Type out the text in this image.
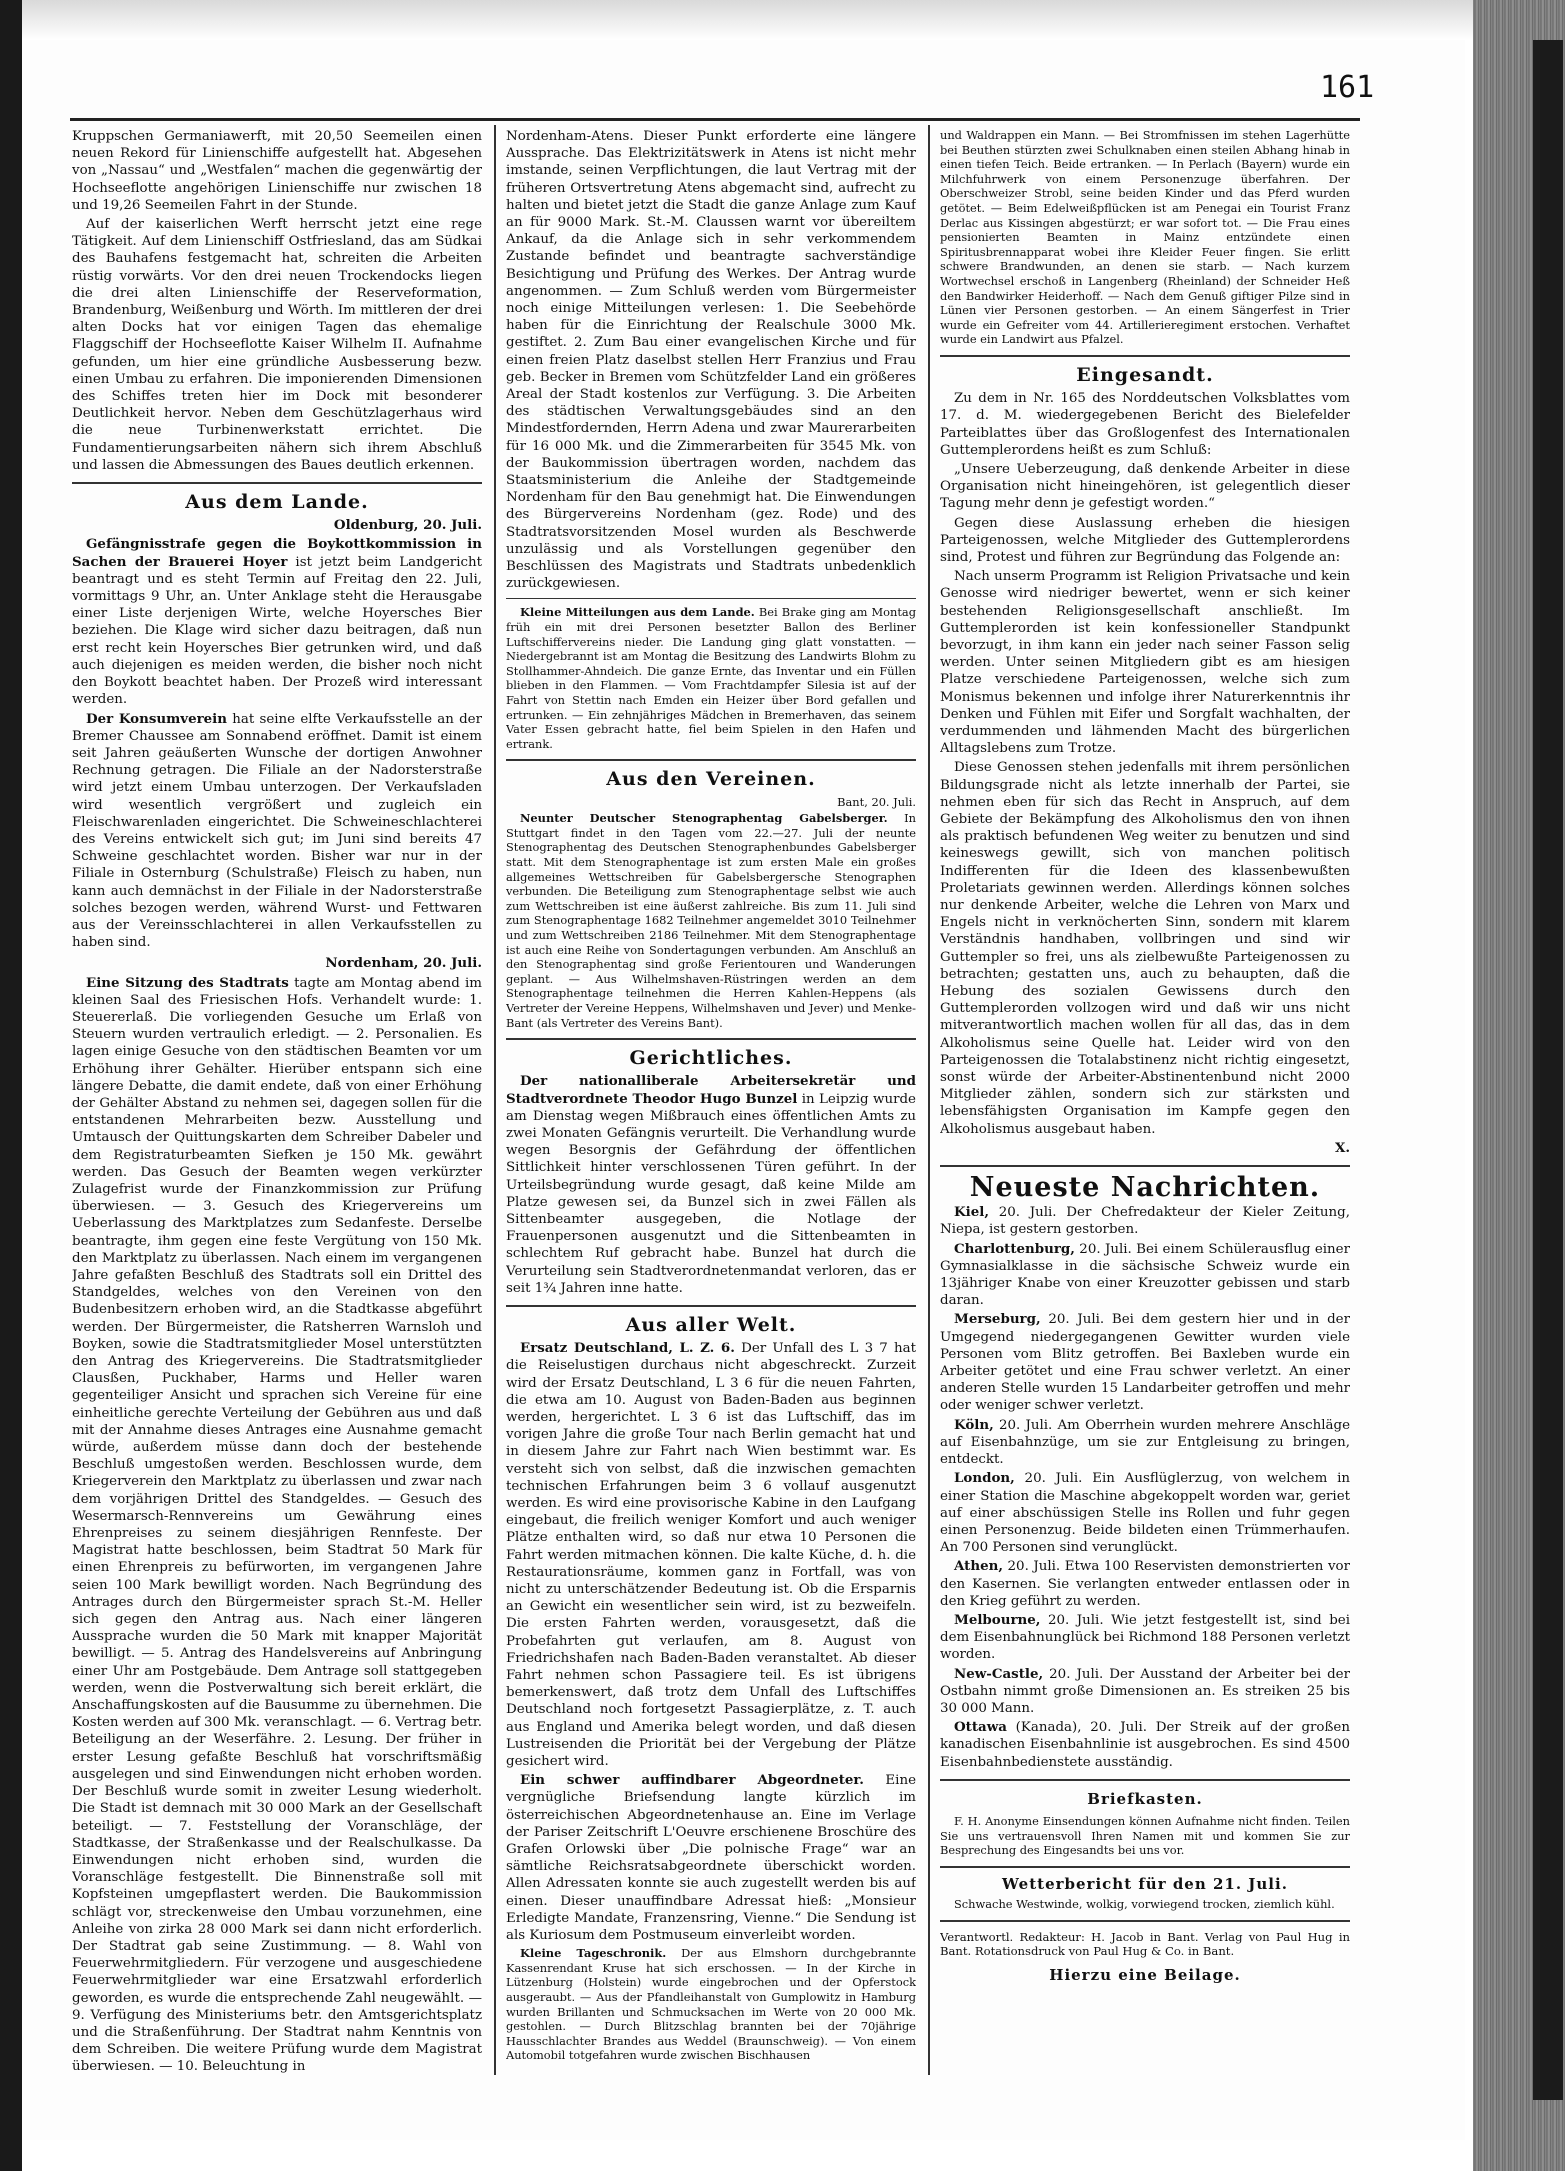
161

Kruppschen Germaniawerft, mit 20,50 Seemeilen einen neuen Rekord für Linienschiffe aufgestellt hat. Abgesehen von „Nassau“ und „Westfalen“ machen die gegenwärtig der Hochseeflotte angehörigen Linienschiffe nur zwischen 18 und 19,26 Seemeilen Fahrt in der Stunde.

Auf der kaiserlichen Werft herrscht jetzt eine rege Tätigkeit. Auf dem Linienschiff Ostfriesland, das am Südkai des Bauhafens festgemacht hat, schreiten die Arbeiten rüstig vorwärts. Vor den drei neuen Trockendocks liegen die drei alten Linienschiffe der Reserveformation, Brandenburg, Weißenburg und Wörth. Im mittleren der drei alten Docks hat vor einigen Tagen das ehemalige Flaggschiff der Hochseeflotte Kaiser Wilhelm II. Aufnahme gefunden, um hier eine gründliche Ausbesserung bezw. einen Umbau zu erfahren. Die imponierenden Dimensionen des Schiffes treten hier im Dock mit besonderer Deutlichkeit hervor. Neben dem Geschützlagerhaus wird die neue Turbinenwerkstatt errichtet. Die Fundamentierungsarbeiten nähern sich ihrem Abschluß und lassen die Abmessungen des Baues deutlich erkennen.

Aus dem Lande.
Oldenburg, 20. Juli.

Gefängnisstrafe gegen die Boykottkommission in Sachen der Brauerei Hoyer ist jetzt beim Landgericht beantragt und es steht Termin auf Freitag den 22. Juli, vormittags 9 Uhr, an. Unter Anklage steht die Herausgabe einer Liste derjenigen Wirte, welche Hoyersches Bier beziehen. Die Klage wird sicher dazu beitragen, daß nun erst recht kein Hoyersches Bier getrunken wird, und daß auch diejenigen es meiden werden, die bisher noch nicht den Boykott beachtet haben. Der Prozeß wird interessant werden.

Der Konsumverein hat seine elfte Verkaufsstelle an der Bremer Chaussee am Sonnabend eröffnet. Damit ist einem seit Jahren geäußerten Wunsche der dortigen Anwohner Rechnung getragen. Die Filiale an der Nadorsterstraße wird jetzt einem Umbau unterzogen. Der Verkaufsladen wird wesentlich vergrößert und zugleich ein Fleischwarenladen eingerichtet. Die Schweineschlachterei des Vereins entwickelt sich gut; im Juni sind bereits 47 Schweine geschlachtet worden. Bisher war nur in der Filiale in Osternburg (Schulstraße) Fleisch zu haben, nun kann auch demnächst in der Filiale in der Nadorsterstraße solches bezogen werden, während Wurst- und Fettwaren aus der Vereinsschlachterei in allen Verkaufsstellen zu haben sind.

Nordenham, 20. Juli.

Eine Sitzung des Stadtrats tagte am Montag abend im kleinen Saal des Friesischen Hofs. Verhandelt wurde: 1. Steuererlaß. Die vorliegenden Gesuche um Erlaß von Steuern wurden vertraulich erledigt. — 2. Personalien. Es lagen einige Gesuche von den städtischen Beamten vor um Erhöhung ihrer Gehälter. Hierüber entspann sich eine längere Debatte, die damit endete, daß von einer Erhöhung der Gehälter Abstand zu nehmen sei, dagegen sollen für die entstandenen Mehrarbeiten bezw. Ausstellung und Umtausch der Quittungskarten dem Schreiber Dabeler und dem Registraturbeamten Siefken je 150 Mk. gewährt werden. Das Gesuch der Beamten wegen verkürzter Zulagefrist wurde der Finanzkommission zur Prüfung überwiesen. — 3. Gesuch des Kriegervereins um Ueberlassung des Marktplatzes zum Sedanfeste. Derselbe beantragte, ihm gegen eine feste Vergütung von 150 Mk. den Marktplatz zu überlassen. Nach einem im vergangenen Jahre gefaßten Beschluß des Stadtrats soll ein Drittel des Standgeldes, welches von den Vereinen von den Budenbesitzern erhoben wird, an die Stadtkasse abgeführt werden. Der Bürgermeister, die Ratsherren Warnsloh und Boyken, sowie die Stadtratsmitglieder Mosel unterstützten den Antrag des Kriegervereins. Die Stadtratsmitglieder Clausßen, Puckhaber, Harms und Heller waren gegenteiliger Ansicht und sprachen sich Vereine für eine einheitliche gerechte Verteilung der Gebühren aus und daß mit der Annahme dieses Antrages eine Ausnahme gemacht würde, außerdem müsse dann doch der bestehende Beschluß umgestoßen werden. Beschlossen wurde, dem Kriegerverein den Marktplatz zu überlassen und zwar nach dem vorjährigen Drittel des Standgeldes. — Gesuch des Wesermarsch-Rennvereins um Gewährung eines Ehrenpreises zu seinem diesjährigen Rennfeste. Der Magistrat hatte beschlossen, beim Stadtrat 50 Mark für einen Ehrenpreis zu befürworten, im vergangenen Jahre seien 100 Mark bewilligt worden. Nach Begründung des Antrages durch den Bürgermeister sprach St.-M. Heller sich gegen den Antrag aus. Nach einer längeren Aussprache wurden die 50 Mark mit knapper Majorität bewilligt. — 5. Antrag des Handelsvereins auf Anbringung einer Uhr am Postgebäude. Dem Antrage soll stattgegeben werden, wenn die Postverwaltung sich bereit erklärt, die Anschaffungskosten auf die Bausumme zu übernehmen. Die Kosten werden auf 300 Mk. veranschlagt. — 6. Vertrag betr. Beteiligung an der Weserfähre. 2. Lesung. Der früher in erster Lesung gefaßte Beschluß hat vorschriftsmäßig ausgelegen und sind Einwendungen nicht erhoben worden. Der Beschluß wurde somit in zweiter Lesung wiederholt. Die Stadt ist demnach mit 30 000 Mark an der Gesellschaft beteiligt. — 7. Feststellung der Voranschläge, der Stadtkasse, der Straßenkasse und der Realschulkasse. Da Einwendungen nicht erhoben sind, wurden die Voranschläge festgestellt. Die Binnenstraße soll mit Kopfsteinen umgepflastert werden. Die Baukommission schlägt vor, streckenweise den Umbau vorzunehmen, eine Anleihe von zirka 28 000 Mark sei dann nicht erforderlich. Der Stadtrat gab seine Zustimmung. — 8. Wahl von Feuerwehrmitgliedern. Für verzogene und ausgeschiedene Feuerwehrmitglieder war eine Ersatzwahl erforderlich geworden, es wurde die entsprechende Zahl neugewählt. — 9. Verfügung des Ministeriums betr. den Amtsgerichtsplatz und die Straßenführung. Der Stadtrat nahm Kenntnis von dem Schreiben. Die weitere Prüfung wurde dem Magistrat überwiesen. — 10. Beleuchtung in

Nordenham-Atens. Dieser Punkt erforderte eine längere Aussprache. Das Elektrizitätswerk in Atens ist nicht mehr imstande, seinen Verpflichtungen, die laut Vertrag mit der früheren Ortsvertretung Atens abgemacht sind, aufrecht zu halten und bietet jetzt die Stadt die ganze Anlage zum Kauf an für 9000 Mark. St.-M. Claussen warnt vor übereiltem Ankauf, da die Anlage sich in sehr verkommendem Zustande befindet und beantragte sachverständige Besichtigung und Prüfung des Werkes. Der Antrag wurde angenommen. — Zum Schluß werden vom Bürgermeister noch einige Mitteilungen verlesen: 1. Die Seebehörde haben für die Einrichtung der Realschule 3000 Mk. gestiftet. 2. Zum Bau einer evangelischen Kirche und für einen freien Platz daselbst stellen Herr Franzius und Frau geb. Becker in Bremen vom Schützfelder Land ein größeres Areal der Stadt kostenlos zur Verfügung. 3. Die Arbeiten des städtischen Verwaltungsgebäudes sind an den Mindestfordernden, Herrn Adena und zwar Maurerarbeiten für 16 000 Mk. und die Zimmerarbeiten für 3545 Mk. von der Baukommission übertragen worden, nachdem das Staatsministerium die Anleihe der Stadtgemeinde Nordenham für den Bau genehmigt hat. Die Einwendungen des Bürgervereins Nordenham (gez. Rode) und des Stadtratsvorsitzenden Mosel wurden als Beschwerde unzulässig und als Vorstellungen gegenüber den Beschlüssen des Magistrats und Stadtrats unbedenklich zurückgewiesen.

Kleine Mitteilungen aus dem Lande. Bei Brake ging am Montag früh ein mit drei Personen besetzter Ballon des Berliner Luftschiffervereins nieder. Die Landung ging glatt vonstatten. — Niedergebrannt ist am Montag die Besitzung des Landwirts Blohm zu Stollhammer-Ahndeich. Die ganze Ernte, das Inventar und ein Füllen blieben in den Flammen. — Vom Frachtdampfer Silesia ist auf der Fahrt von Stettin nach Emden ein Heizer über Bord gefallen und ertrunken. — Ein zehnjähriges Mädchen in Bremerhaven, das seinem Vater Essen gebracht hatte, fiel beim Spielen in den Hafen und ertrank.

Aus den Vereinen.
Bant, 20. Juli.

Neunter Deutscher Stenographentag Gabelsberger. In Stuttgart findet in den Tagen vom 22.—27. Juli der neunte Stenographentag des Deutschen Stenographenbundes Gabelsberger statt. Mit dem Stenographentage ist zum ersten Male ein großes allgemeines Wettschreiben für Gabelsbergersche Stenographen verbunden. Die Beteiligung zum Stenographentage selbst wie auch zum Wettschreiben ist eine äußerst zahlreiche. Bis zum 11. Juli sind zum Stenographentage 1682 Teilnehmer angemeldet 3010 Teilnehmer und zum Wettschreiben 2186 Teilnehmer. Mit dem Stenographentage ist auch eine Reihe von Sondertagungen verbunden. Am Anschluß an den Stenographentag sind große Ferientouren und Wanderungen geplant. — Aus Wilhelmshaven-Rüstringen werden an dem Stenographentage teilnehmen die Herren Kahlen-Heppens (als Vertreter der Vereine Heppens, Wilhelmshaven und Jever) und Menke-Bant (als Vertreter des Vereins Bant).

Gerichtliches.

Der nationalliberale Arbeitersekretär und Stadtverordnete Theodor Hugo Bunzel in Leipzig wurde am Dienstag wegen Mißbrauch eines öffentlichen Amts zu zwei Monaten Gefängnis verurteilt. Die Verhandlung wurde wegen Besorgnis der Gefährdung der öffentlichen Sittlichkeit hinter verschlossenen Türen geführt. In der Urteilsbegründung wurde gesagt, daß keine Milde am Platze gewesen sei, da Bunzel sich in zwei Fällen als Sittenbeamter ausgegeben, die Notlage der Frauenpersonen ausgenutzt und die Sittenbeamten in schlechtem Ruf gebracht habe. Bunzel hat durch die Verurteilung sein Stadtverordnetenmandat verloren, das er seit 1¾ Jahren inne hatte.

Aus aller Welt.

Ersatz Deutschland, L. Z. 6. Der Unfall des L 3 7 hat die Reiselustigen durchaus nicht abgeschreckt. Zurzeit wird der Ersatz Deutschland, L 3 6 für die neuen Fahrten, die etwa am 10. August von Baden-Baden aus beginnen werden, hergerichtet. L 3 6 ist das Luftschiff, das im vorigen Jahre die große Tour nach Berlin gemacht hat und in diesem Jahre zur Fahrt nach Wien bestimmt war. Es versteht sich von selbst, daß die inzwischen gemachten technischen Erfahrungen beim 3 6 vollauf ausgenutzt werden. Es wird eine provisorische Kabine in den Laufgang eingebaut, die freilich weniger Komfort und auch weniger Plätze enthalten wird, so daß nur etwa 10 Personen die Fahrt werden mitmachen können. Die kalte Küche, d. h. die Restaurationsräume, kommen ganz in Fortfall, was von nicht zu unterschätzender Bedeutung ist. Ob die Ersparnis an Gewicht ein wesentlicher sein wird, ist zu bezweifeln. Die ersten Fahrten werden, vorausgesetzt, daß die Probefahrten gut verlaufen, am 8. August von Friedrichshafen nach Baden-Baden veranstaltet. Ab dieser Fahrt nehmen schon Passagiere teil. Es ist übrigens bemerkenswert, daß trotz dem Unfall des Luftschiffes Deutschland noch fortgesetzt Passagierplätze, z. T. auch aus England und Amerika belegt worden, und daß diesen Lustreisenden die Priorität bei der Vergebung der Plätze gesichert wird.

Ein schwer auffindbarer Abgeordneter. Eine vergnügliche Briefsendung langte kürzlich im österreichischen Abgeordnetenhause an. Eine im Verlage der Pariser Zeitschrift L'Oeuvre erschienene Broschüre des Grafen Orlowski über „Die polnische Frage“ war an sämtliche Reichsratsabgeordnete überschickt worden. Allen Adressaten konnte sie auch zugestellt werden bis auf einen. Dieser unauffindbare Adressat hieß: „Monsieur Erledigte Mandate, Franzensring, Vienne.“ Die Sendung ist als Kuriosum dem Postmuseum einverleibt worden.

Kleine Tageschronik. Der aus Elmshorn durchgebrannte Kassenrendant Kruse hat sich erschossen. — In der Kirche in Lützenburg (Holstein) wurde eingebrochen und der Opferstock ausgeraubt. — Aus der Pfandleihanstalt von Gumplowitz in Hamburg wurden Brillanten und Schmucksachen im Werte von 20 000 Mk. gestohlen. — Durch Blitzschlag brannten bei der 70jährige Hausschlachter Brandes aus Weddel (Braunschweig). — Von einem Automobil totgefahren wurde zwischen Bischhausen

und Waldrappen ein Mann. — Bei Stromfnissen im stehen Lagerhütte bei Beuthen stürzten zwei Schulknaben einen steilen Abhang hinab in einen tiefen Teich. Beide ertranken. — In Perlach (Bayern) wurde ein Milchfuhrwerk von einem Personenzuge überfahren. Der Oberschweizer Strobl, seine beiden Kinder und das Pferd wurden getötet. — Beim Edelweißpflücken ist am Penegai ein Tourist Franz Derlac aus Kissingen abgestürzt; er war sofort tot. — Die Frau eines pensionierten Beamten in Mainz entzündete einen Spiritusbrennapparat wobei ihre Kleider Feuer fingen. Sie erlitt schwere Brandwunden, an denen sie starb. — Nach kurzem Wortwechsel erschoß in Langenberg (Rheinland) der Schneider Heß den Bandwirker Heiderhoff. — Nach dem Genuß giftiger Pilze sind in Lünen vier Personen gestorben. — An einem Sängerfest in Trier wurde ein Gefreiter vom 44. Artillerieregiment erstochen. Verhaftet wurde ein Landwirt aus Pfalzel.

Eingesandt.

Zu dem in Nr. 165 des Norddeutschen Volksblattes vom 17. d. M. wiedergegebenen Bericht des Bielefelder Parteiblattes über das Großlogenfest des Internationalen Guttemplerordens heißt es zum Schluß:

„Unsere Ueberzeugung, daß denkende Arbeiter in diese Organisation nicht hineingehören, ist gelegentlich dieser Tagung mehr denn je gefestigt worden.“

Gegen diese Auslassung erheben die hiesigen Parteigenossen, welche Mitglieder des Guttemplerordens sind, Protest und führen zur Begründung das Folgende an:

Nach unserm Programm ist Religion Privatsache und kein Genosse wird niedriger bewertet, wenn er sich keiner bestehenden Religionsgesellschaft anschließt. Im Guttemplerorden ist kein konfessioneller Standpunkt bevorzugt, in ihm kann ein jeder nach seiner Fasson selig werden. Unter seinen Mitgliedern gibt es am hiesigen Platze verschiedene Parteigenossen, welche sich zum Monismus bekennen und infolge ihrer Naturerkenntnis ihr Denken und Fühlen mit Eifer und Sorgfalt wachhalten, der verdummenden und lähmenden Macht des bürgerlichen Alltagslebens zum Trotze.

Diese Genossen stehen jedenfalls mit ihrem persönlichen Bildungsgrade nicht als letzte innerhalb der Partei, sie nehmen eben für sich das Recht in Anspruch, auf dem Gebiete der Bekämpfung des Alkoholismus den von ihnen als praktisch befundenen Weg weiter zu benutzen und sind keineswegs gewillt, sich von manchen politisch Indifferenten für die Ideen des klassenbewußten Proletariats gewinnen werden. Allerdings können solches nur denkende Arbeiter, welche die Lehren von Marx und Engels nicht in verknöcherten Sinn, sondern mit klarem Verständnis handhaben, vollbringen und sind wir Guttempler so frei, uns als zielbewußte Parteigenossen zu betrachten; gestatten uns, auch zu behaupten, daß die Hebung des sozialen Gewissens durch den Guttemplerorden vollzogen wird und daß wir uns nicht mitverantwortlich machen wollen für all das, das in dem Alkoholismus seine Quelle hat. Leider wird von den Parteigenossen die Totalabstinenz nicht richtig eingesetzt, sonst würde der Arbeiter-Abstinentenbund nicht 2000 Mitglieder zählen, sondern sich zur stärksten und lebensfähigsten Organisation im Kampfe gegen den Alkoholismus ausgebaut haben.

X.
Neueste Nachrichten.

Kiel, 20. Juli. Der Chefredakteur der Kieler Zeitung, Niepa, ist gestern gestorben.

Charlottenburg, 20. Juli. Bei einem Schülerausflug einer Gymnasialklasse in die sächsische Schweiz wurde ein 13jähriger Knabe von einer Kreuzotter gebissen und starb daran.

Merseburg, 20. Juli. Bei dem gestern hier und in der Umgegend niedergegangenen Gewitter wurden viele Personen vom Blitz getroffen. Bei Baxleben wurde ein Arbeiter getötet und eine Frau schwer verletzt. An einer anderen Stelle wurden 15 Landarbeiter getroffen und mehr oder weniger schwer verletzt.

Köln, 20. Juli. Am Oberrhein wurden mehrere Anschläge auf Eisenbahnzüge, um sie zur Entgleisung zu bringen, entdeckt.

London, 20. Juli. Ein Ausflüglerzug, von welchem in einer Station die Maschine abgekoppelt worden war, geriet auf einer abschüssigen Stelle ins Rollen und fuhr gegen einen Personenzug. Beide bildeten einen Trümmerhaufen. An 700 Personen sind verunglückt.

Athen, 20. Juli. Etwa 100 Reservisten demonstrierten vor den Kasernen. Sie verlangten entweder entlassen oder in den Krieg geführt zu werden.

Melbourne, 20. Juli. Wie jetzt festgestellt ist, sind bei dem Eisenbahnunglück bei Richmond 188 Personen verletzt worden.

New-Castle, 20. Juli. Der Ausstand der Arbeiter bei der Ostbahn nimmt große Dimensionen an. Es streiken 25 bis 30 000 Mann.

Ottawa (Kanada), 20. Juli. Der Streik auf der großen kanadischen Eisenbahnlinie ist ausgebrochen. Es sind 4500 Eisenbahnbedienstete ausständig.

Briefkasten.

F. H. Anonyme Einsendungen können Aufnahme nicht finden. Teilen Sie uns vertrauensvoll Ihren Namen mit und kommen Sie zur Besprechung des Eingesandts bei uns vor.

Wetterbericht für den 21. Juli.

Schwache Westwinde, wolkig, vorwiegend trocken, ziemlich kühl.

Verantwortl. Redakteur: H. Jacob in Bant. Verlag von Paul Hug in Bant. Rotationsdruck von Paul Hug & Co. in Bant.

Hierzu eine Beilage.
